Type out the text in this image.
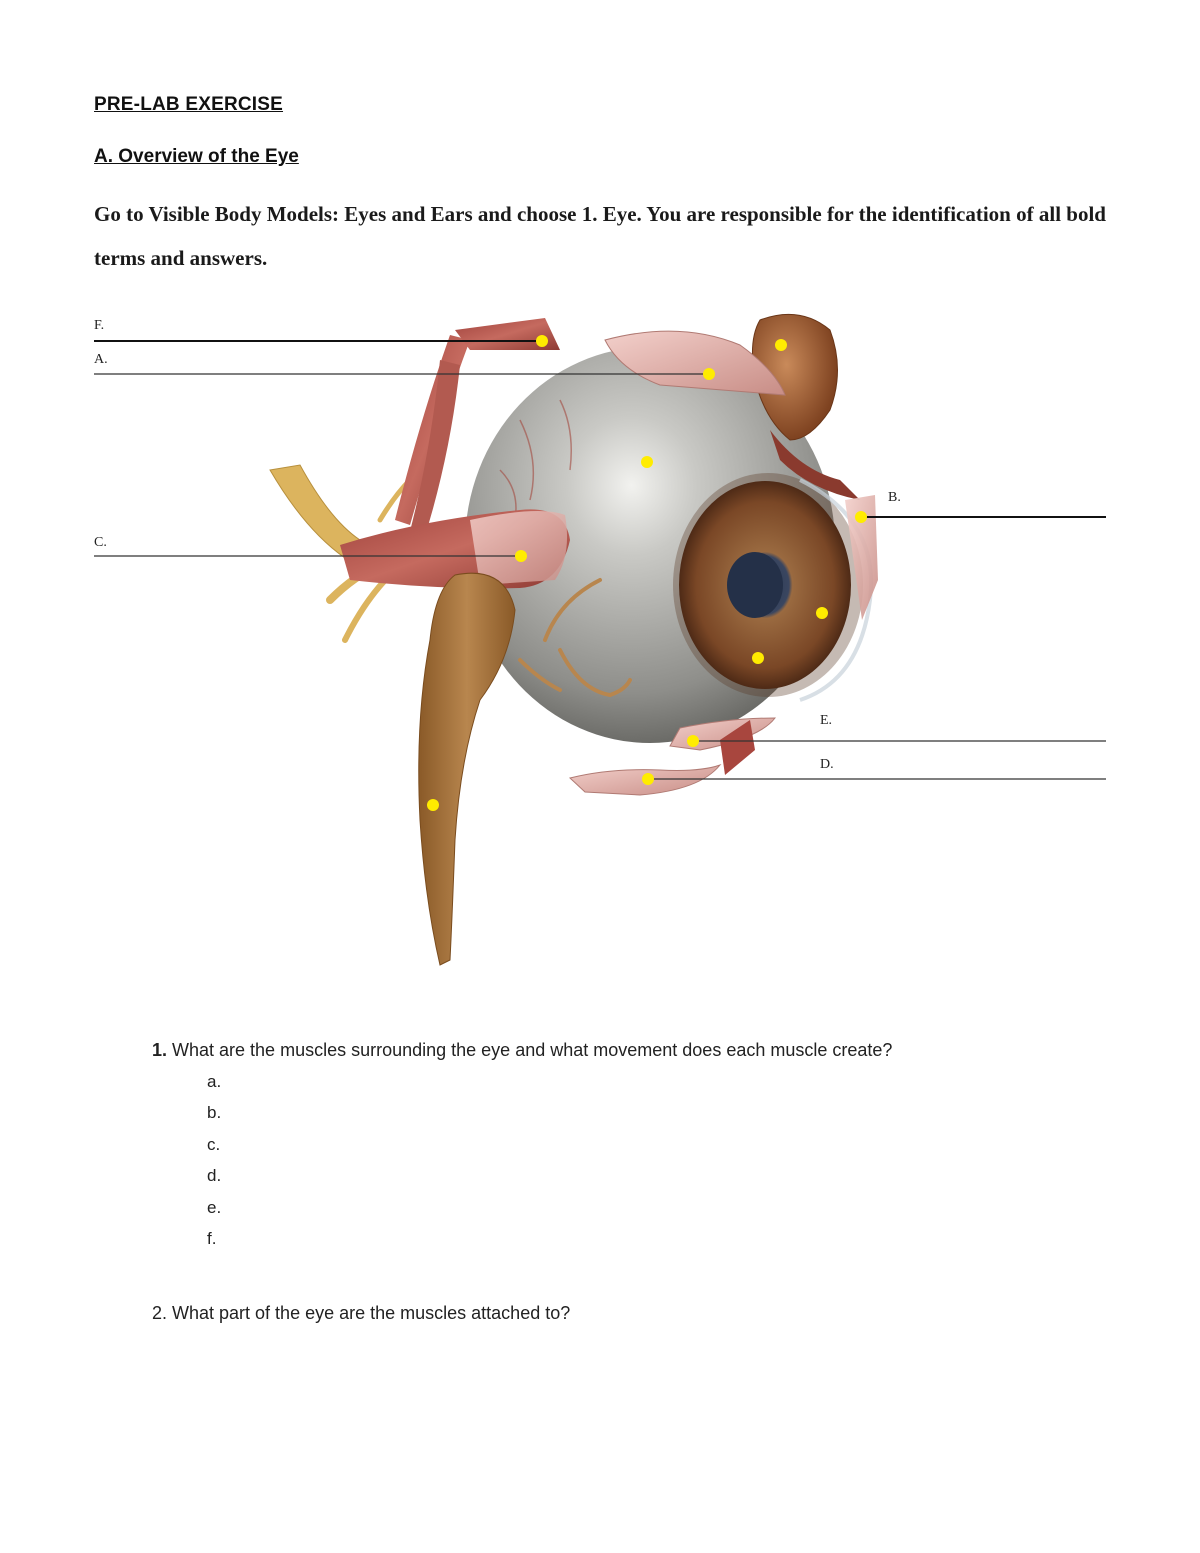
PRE-LAB EXERCISE
A. Overview of the Eye
Go to Visible Body Models: Eyes and Ears and choose 1. Eye. You are responsible for the identification of all bold terms and answers.
F.
A.
C.
B.
E.
D.
1. What are the muscles surrounding the eye and what movement does each muscle create?
a.
b.
c.
d.
e.
f.
2. What part of the eye are the muscles attached to?
